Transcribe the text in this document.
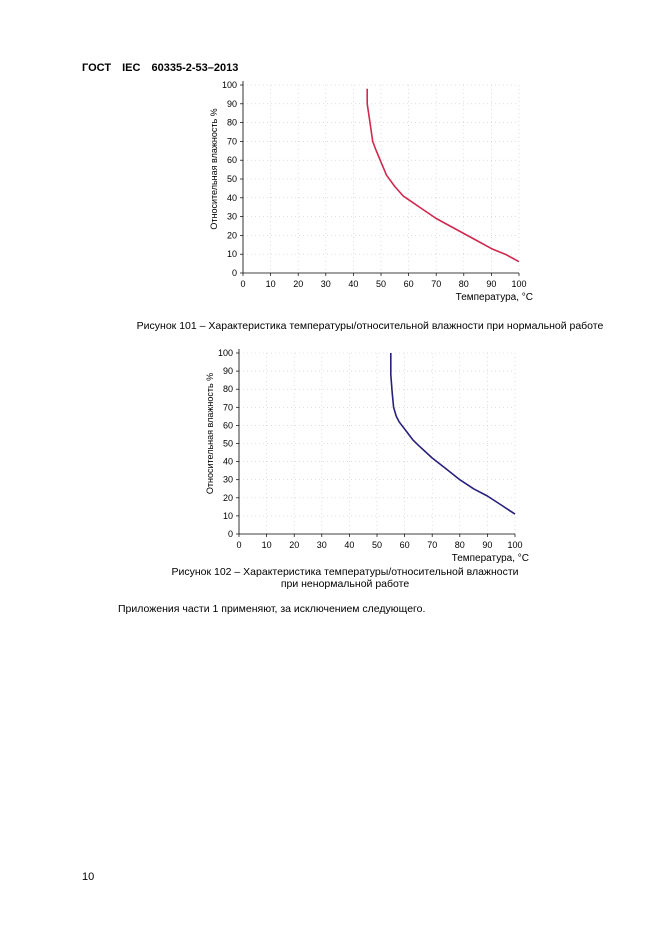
ГОСТ IEC 60335-2-53–2013
0 10 20 30 40 50 60 70 80 90 100
0
10
20
30
40
50
60
70
80
90
100
Температура, °С
Относительная влажность %
Рисунок 101 – Характеристика температуры/относительной влажности при нормальной работе
0 10 20 30 40 50 60 70 80 90 100
0
10
20
30
40
50
60
70
80
90
100
Температура, °С
Относительная влажность %
Рисунок 102 – Характеристика температуры/относительной влажности
при ненормальной работе
Приложения части 1 применяют, за исключением следующего.
10
